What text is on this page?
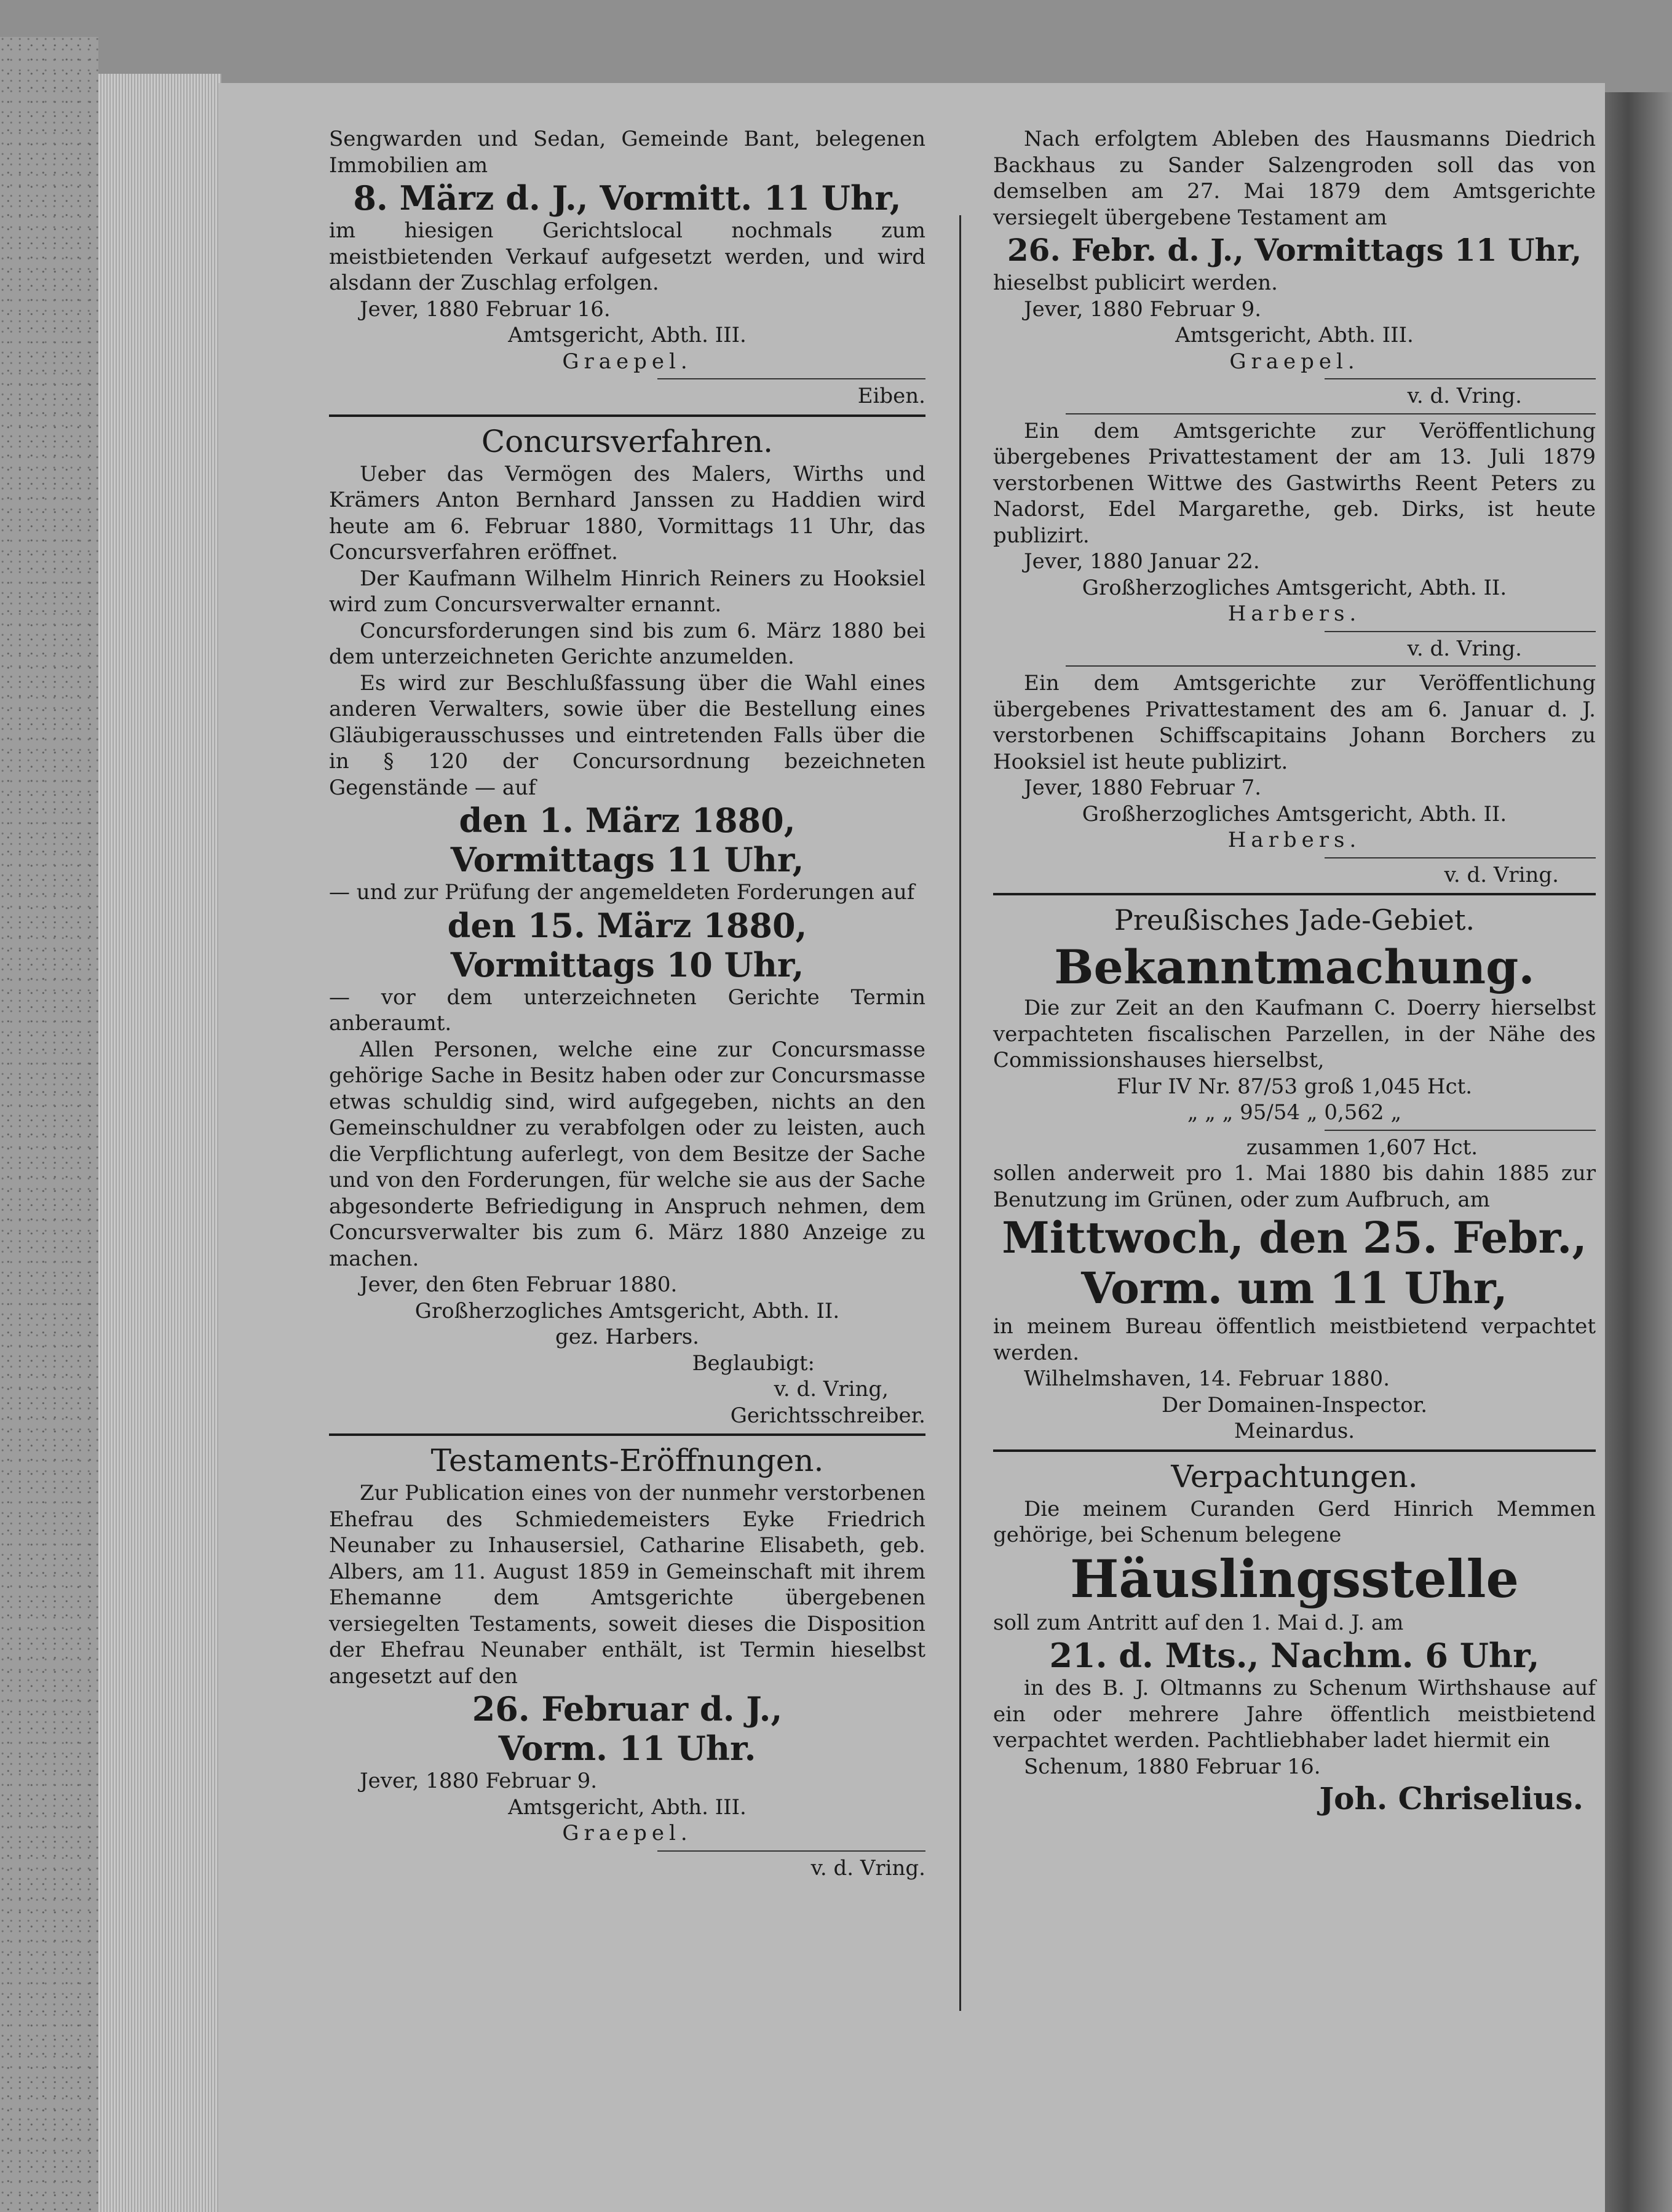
Sengwarden und Sedan, Gemeinde Bant, belegenen Immobilien am

8. März d. J., Vormitt. 11 Uhr,

im hiesigen Gerichtslocal nochmals zum meistbietenden Verkauf aufgesetzt werden, und wird alsdann der Zuschlag erfolgen.

Jever, 1880 Februar 16.

Amtsgericht, Abth. III.

Graepel.

Eiben.

Concursverfahren.

Ueber das Vermögen des Malers, Wirths und Krämers Anton Bernhard Janssen zu Haddien wird heute am 6. Februar 1880, Vormittags 11 Uhr, das Concursverfahren eröffnet.

Der Kaufmann Wilhelm Hinrich Reiners zu Hooksiel wird zum Concursverwalter ernannt.

Concursforderungen sind bis zum 6. März 1880 bei dem unterzeichneten Gerichte anzumelden.

Es wird zur Beschlußfassung über die Wahl eines anderen Verwalters, sowie über die Bestellung eines Gläubigerausschusses und eintretenden Falls über die in § 120 der Concursordnung bezeichneten Gegenstände — auf

den 1. März 1880,

Vormittags 11 Uhr,

— und zur Prüfung der angemeldeten Forderungen auf

den 15. März 1880,

Vormittags 10 Uhr,

— vor dem unterzeichneten Gerichte Termin anberaumt.

Allen Personen, welche eine zur Concursmasse gehörige Sache in Besitz haben oder zur Concursmasse etwas schuldig sind, wird aufgegeben, nichts an den Gemeinschuldner zu verabfolgen oder zu leisten, auch die Verpflichtung auferlegt, von dem Besitze der Sache und von den Forderungen, für welche sie aus der Sache abgesonderte Befriedigung in Anspruch nehmen, dem Concursverwalter bis zum 6. März 1880 Anzeige zu machen.

Jever, den 6ten Februar 1880.

Großherzogliches Amtsgericht, Abth. II.

gez. Harbers.

Beglaubigt:

v. d. Vring,

Gerichtsschreiber.

Testaments-Eröffnungen.

Zur Publication eines von der nunmehr verstorbenen Ehefrau des Schmiedemeisters Eyke Friedrich Neunaber zu Inhausersiel, Catharine Elisabeth, geb. Albers, am 11. August 1859 in Gemeinschaft mit ihrem Ehemanne dem Amtsgerichte übergebenen versiegelten Testaments, soweit dieses die Disposition der Ehefrau Neunaber enthält, ist Termin hieselbst angesetzt auf den

26. Februar d. J.,

Vorm. 11 Uhr.

Jever, 1880 Februar 9.

Amtsgericht, Abth. III.

Graepel.

v. d. Vring.

Nach erfolgtem Ableben des Hausmanns Diedrich Backhaus zu Sander Salzengroden soll das von demselben am 27. Mai 1879 dem Amtsgerichte versiegelt übergebene Testament am

26. Febr. d. J., Vormittags 11 Uhr,

hieselbst publicirt werden.

Jever, 1880 Februar 9.

Amtsgericht, Abth. III.

Graepel.

v. d. Vring.

Ein dem Amtsgerichte zur Veröffentlichung übergebenes Privattestament der am 13. Juli 1879 verstorbenen Wittwe des Gastwirths Reent Peters zu Nadorst, Edel Margarethe, geb. Dirks, ist heute publizirt.

Jever, 1880 Januar 22.

Großherzogliches Amtsgericht, Abth. II.

Harbers.

v. d. Vring.

Ein dem Amtsgerichte zur Veröffentlichung übergebenes Privattestament des am 6. Januar d. J. verstorbenen Schiffscapitains Johann Borchers zu Hooksiel ist heute publizirt.

Jever, 1880 Februar 7.

Großherzogliches Amtsgericht, Abth. II.

Harbers.

v. d. Vring.

Preußisches Jade-Gebiet.

Bekanntmachung.

Die zur Zeit an den Kaufmann C. Doerry hierselbst verpachteten fiscalischen Parzellen, in der Nähe des Commissionshauses hierselbst,

Flur IV Nr. 87/53 groß 1,045 Hct.

„ „ „ 95/54 „ 0,562 „

zusammen 1,607 Hct.

sollen anderweit pro 1. Mai 1880 bis dahin 1885 zur Benutzung im Grünen, oder zum Aufbruch, am

Mittwoch, den 25. Febr.,

Vorm. um 11 Uhr,

in meinem Bureau öffentlich meistbietend verpachtet werden.

Wilhelmshaven, 14. Februar 1880.

Der Domainen-Inspector.

Meinardus.

Verpachtungen.

Die meinem Curanden Gerd Hinrich Memmen gehörige, bei Schenum belegene

Häuslingsstelle

soll zum Antritt auf den 1. Mai d. J. am

21. d. Mts., Nachm. 6 Uhr,

in des B. J. Oltmanns zu Schenum Wirthshause auf ein oder mehrere Jahre öffentlich meistbietend verpachtet werden. Pachtliebhaber ladet hiermit ein

Schenum, 1880 Februar 16.

Joh. Chriselius.
